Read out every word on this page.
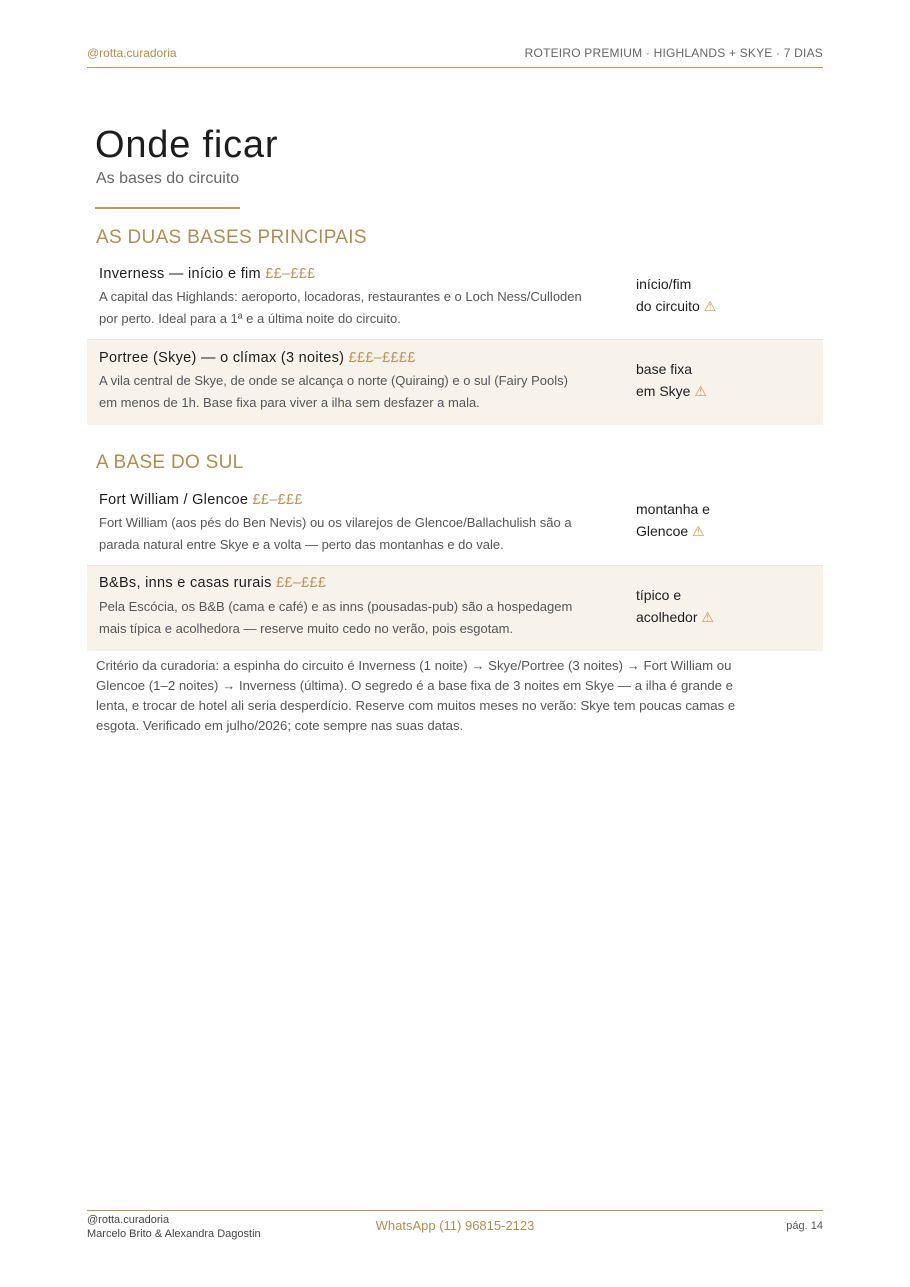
@rotta.curadoria	ROTEIRO PREMIUM · HIGHLANDS + SKYE · 7 DIAS
Onde ficar
As bases do circuito
AS DUAS BASES PRINCIPAIS
Inverness — início e fim ££–£££
A capital das Highlands: aeroporto, locadoras, restaurantes e o Loch Ness/Culloden
por perto. Ideal para a 1ª e a última noite do circuito.
início/fim
do circuito ⚠
Portree (Skye) — o clímax (3 noites) £££–££££
A vila central de Skye, de onde se alcança o norte (Quiraing) e o sul (Fairy Pools)
em menos de 1h. Base fixa para viver a ilha sem desfazer a mala.
base fixa
em Skye ⚠
A BASE DO SUL
Fort William / Glencoe ££–£££
Fort William (aos pés do Ben Nevis) ou os vilarejos de Glencoe/Ballachulish são a
parada natural entre Skye e a volta — perto das montanhas e do vale.
montanha e
Glencoe ⚠
B&Bs, inns e casas rurais ££–£££
Pela Escócia, os B&B (cama e café) e as inns (pousadas-pub) são a hospedagem
mais típica e acolhedora — reserve muito cedo no verão, pois esgotam.
típico e
acolhedor ⚠
Critério da curadoria: a espinha do circuito é Inverness (1 noite) → Skye/Portree (3 noites) → Fort William ou
Glencoe (1–2 noites) → Inverness (última). O segredo é a base fixa de 3 noites em Skye — a ilha é grande e
lenta, e trocar de hotel ali seria desperdício. Reserve com muitos meses no verão: Skye tem poucas camas e
esgota. Verificado em julho/2026; cote sempre nas suas datas.
@rotta.curadoria
Marcelo Brito & Alexandra Dagostin
WhatsApp (11) 96815-2123	pág. 14
